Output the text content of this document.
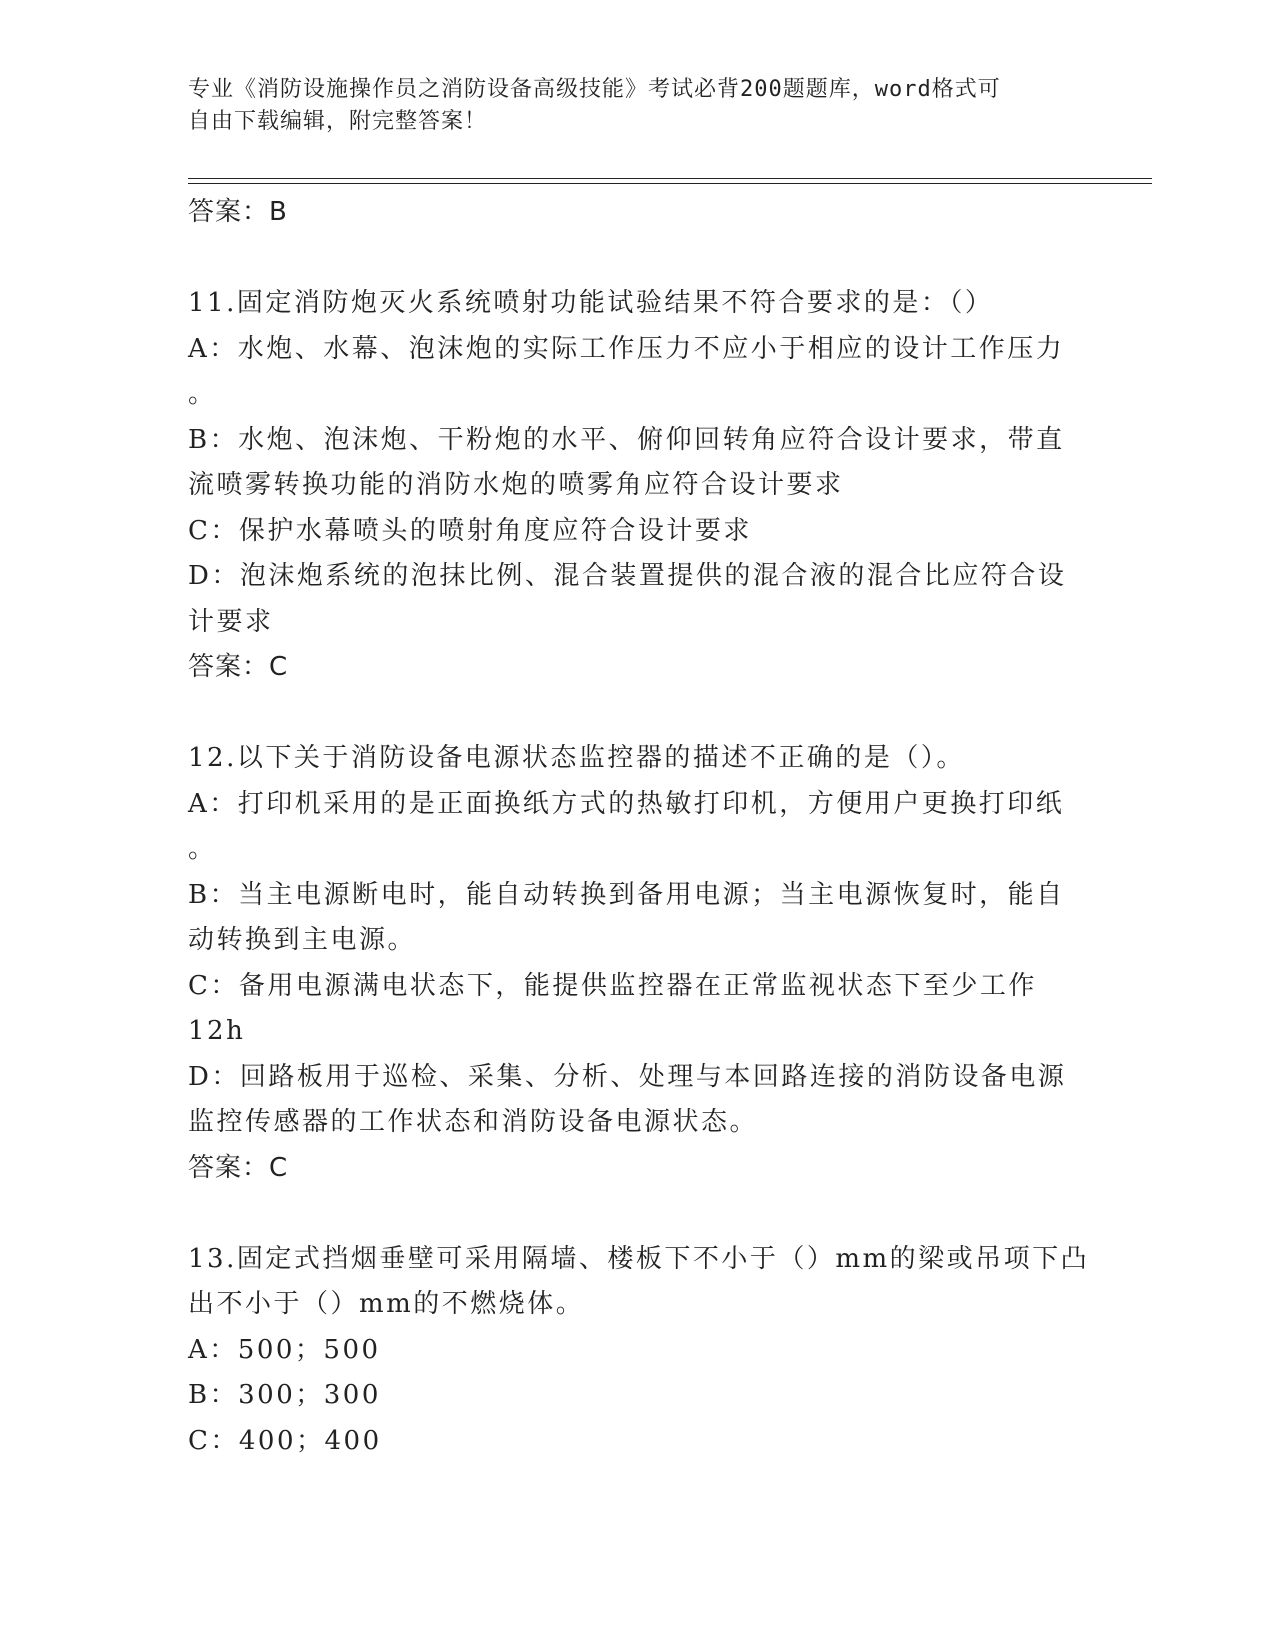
专业《消防设施操作员之消防设备高级技能》考试必背200题题库，word格式可
自由下载编辑，附完整答案！
答案：B
11.固定消防炮灭火系统喷射功能试验结果不符合要求的是：（）
A：水炮、水幕、泡沫炮的实际工作压力不应小于相应的设计工作压力
。
B：水炮、泡沫炮、干粉炮的水平、俯仰回转角应符合设计要求，带直
流喷雾转换功能的消防水炮的喷雾角应符合设计要求
C：保护水幕喷头的喷射角度应符合设计要求
D：泡沫炮系统的泡抹比例、混合装置提供的混合液的混合比应符合设
计要求
答案：C
12.以下关于消防设备电源状态监控器的描述不正确的是（）。
A：打印机采用的是正面换纸方式的热敏打印机，方便用户更换打印纸
。
B：当主电源断电时，能自动转换到备用电源；当主电源恢复时，能自
动转换到主电源。
C：备用电源满电状态下，能提供监控器在正常监视状态下至少工作
12h
D：回路板用于巡检、采集、分析、处理与本回路连接的消防设备电源
监控传感器的工作状态和消防设备电源状态。
答案：C
13.固定式挡烟垂壁可采用隔墙、楼板下不小于（）mm的梁或吊项下凸
出不小于（）mm的不燃烧体。
A：500；500
B：300；300
C：400；400
